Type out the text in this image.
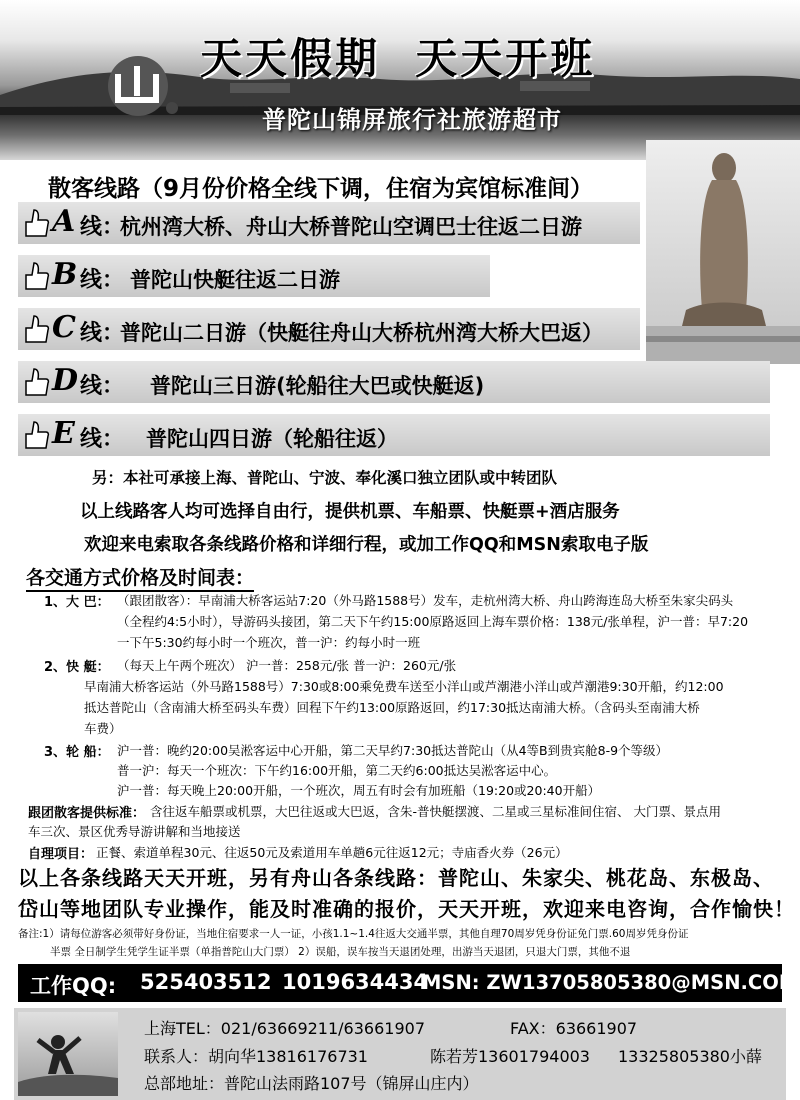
天天假期  天天开班
普陀山锦屏旅行社旅游超市
散客线路（9月份价格全线下调，住宿为宾馆标准间）
A 线：
杭州湾大桥、舟山大桥普陀山空调巴士往返二日游
B 线： 普陀山快艇往返二日游
C 线：
普陀山二日游（快艇往舟山大桥杭州湾大桥大巴返）
D 线： 普陀山三日游(轮船往大巴或快艇返)
E 线： 普陀山四日游（轮船往返）
另：本社可承接上海、普陀山、宁波、奉化溪口独立团队或中转团队
以上线路客人均可选择自由行，提供机票、车船票、快艇票+酒店服务
欢迎来电索取各条线路价格和详细行程，或加工作QQ和MSN索取电子版
各交通方式价格及时间表：
1、大 巴： （跟团散客）：早南浦大桥客运站7:20（外马路1588号）发车，走杭州湾大桥、舟山跨海连岛大桥至朱家尖码头
（全程约4:5小时），导游码头接团，第二天下午约15:00原路返回上海车票价格：138元/张单程，沪一普：早7:20
一下午5:30约每小时一个班次，普一沪：约每小时一班
2、快 艇： （每天上午两个班次） 沪一普：258元/张 普一沪：260元/张
早南浦大桥客运站（外马路1588号）7:30或8:00乘免费车送至小洋山或芦潮港小洋山或芦潮港9:30开船，约12:00
抵达普陀山（含南浦大桥至码头车费）回程下午约13:00原路返回，约17:30抵达南浦大桥。（含码头至南浦大桥
车费）
3、轮 船： 沪一普：晚约20:00吴淞客运中心开船，第二天早约7:30抵达普陀山（从4等B到贵宾舱8-9个等级）
普一沪：每天一个班次：下午约16:00开船，第二天约6:00抵达吴淞客运中心。
沪一普：每天晚上20:00开船，一个班次，周五有时会有加班船（19:20或20:40开船）
跟团散客提供标准： 含往返车船票或机票，大巴往返或大巴返，含朱-普快艇摆渡、二星或三星标准间住宿、 大门票、景点用
车三次、景区优秀导游讲解和当地接送
自理项目： 正餐、索道单程30元、往返50元及索道用车单趟6元往返12元；寺庙香火券（26元）
以上各条线路天天开班，另有舟山各条线路：普陀山、朱家尖、桃花岛、东极岛、
岱山等地团队专业操作，能及时准确的报价，天天开班，欢迎来电咨询，合作愉快！
备注:1）请每位游客必须带好身份证，当地住宿要求一人一证，小孩1.1~1.4往返大交通半票，其他自理70周岁凭身份证免门票.60周岁凭身份证
半票 全日制学生凭学生证半票（单指普陀山大门票） 2）误船，误车按当天退团处理，出游当天退团，只退大门票，其他不退
工作QQ: 525403512 1019634434
MSN: ZW13705805380@MSN.COM
上海TEL：021/63669211/63661907	FAX：63661907
联系人：胡向华13816176731	陈若芳13601794003 13325805380小薛
总部地址：普陀山法雨路107号（锦屏山庄内）
